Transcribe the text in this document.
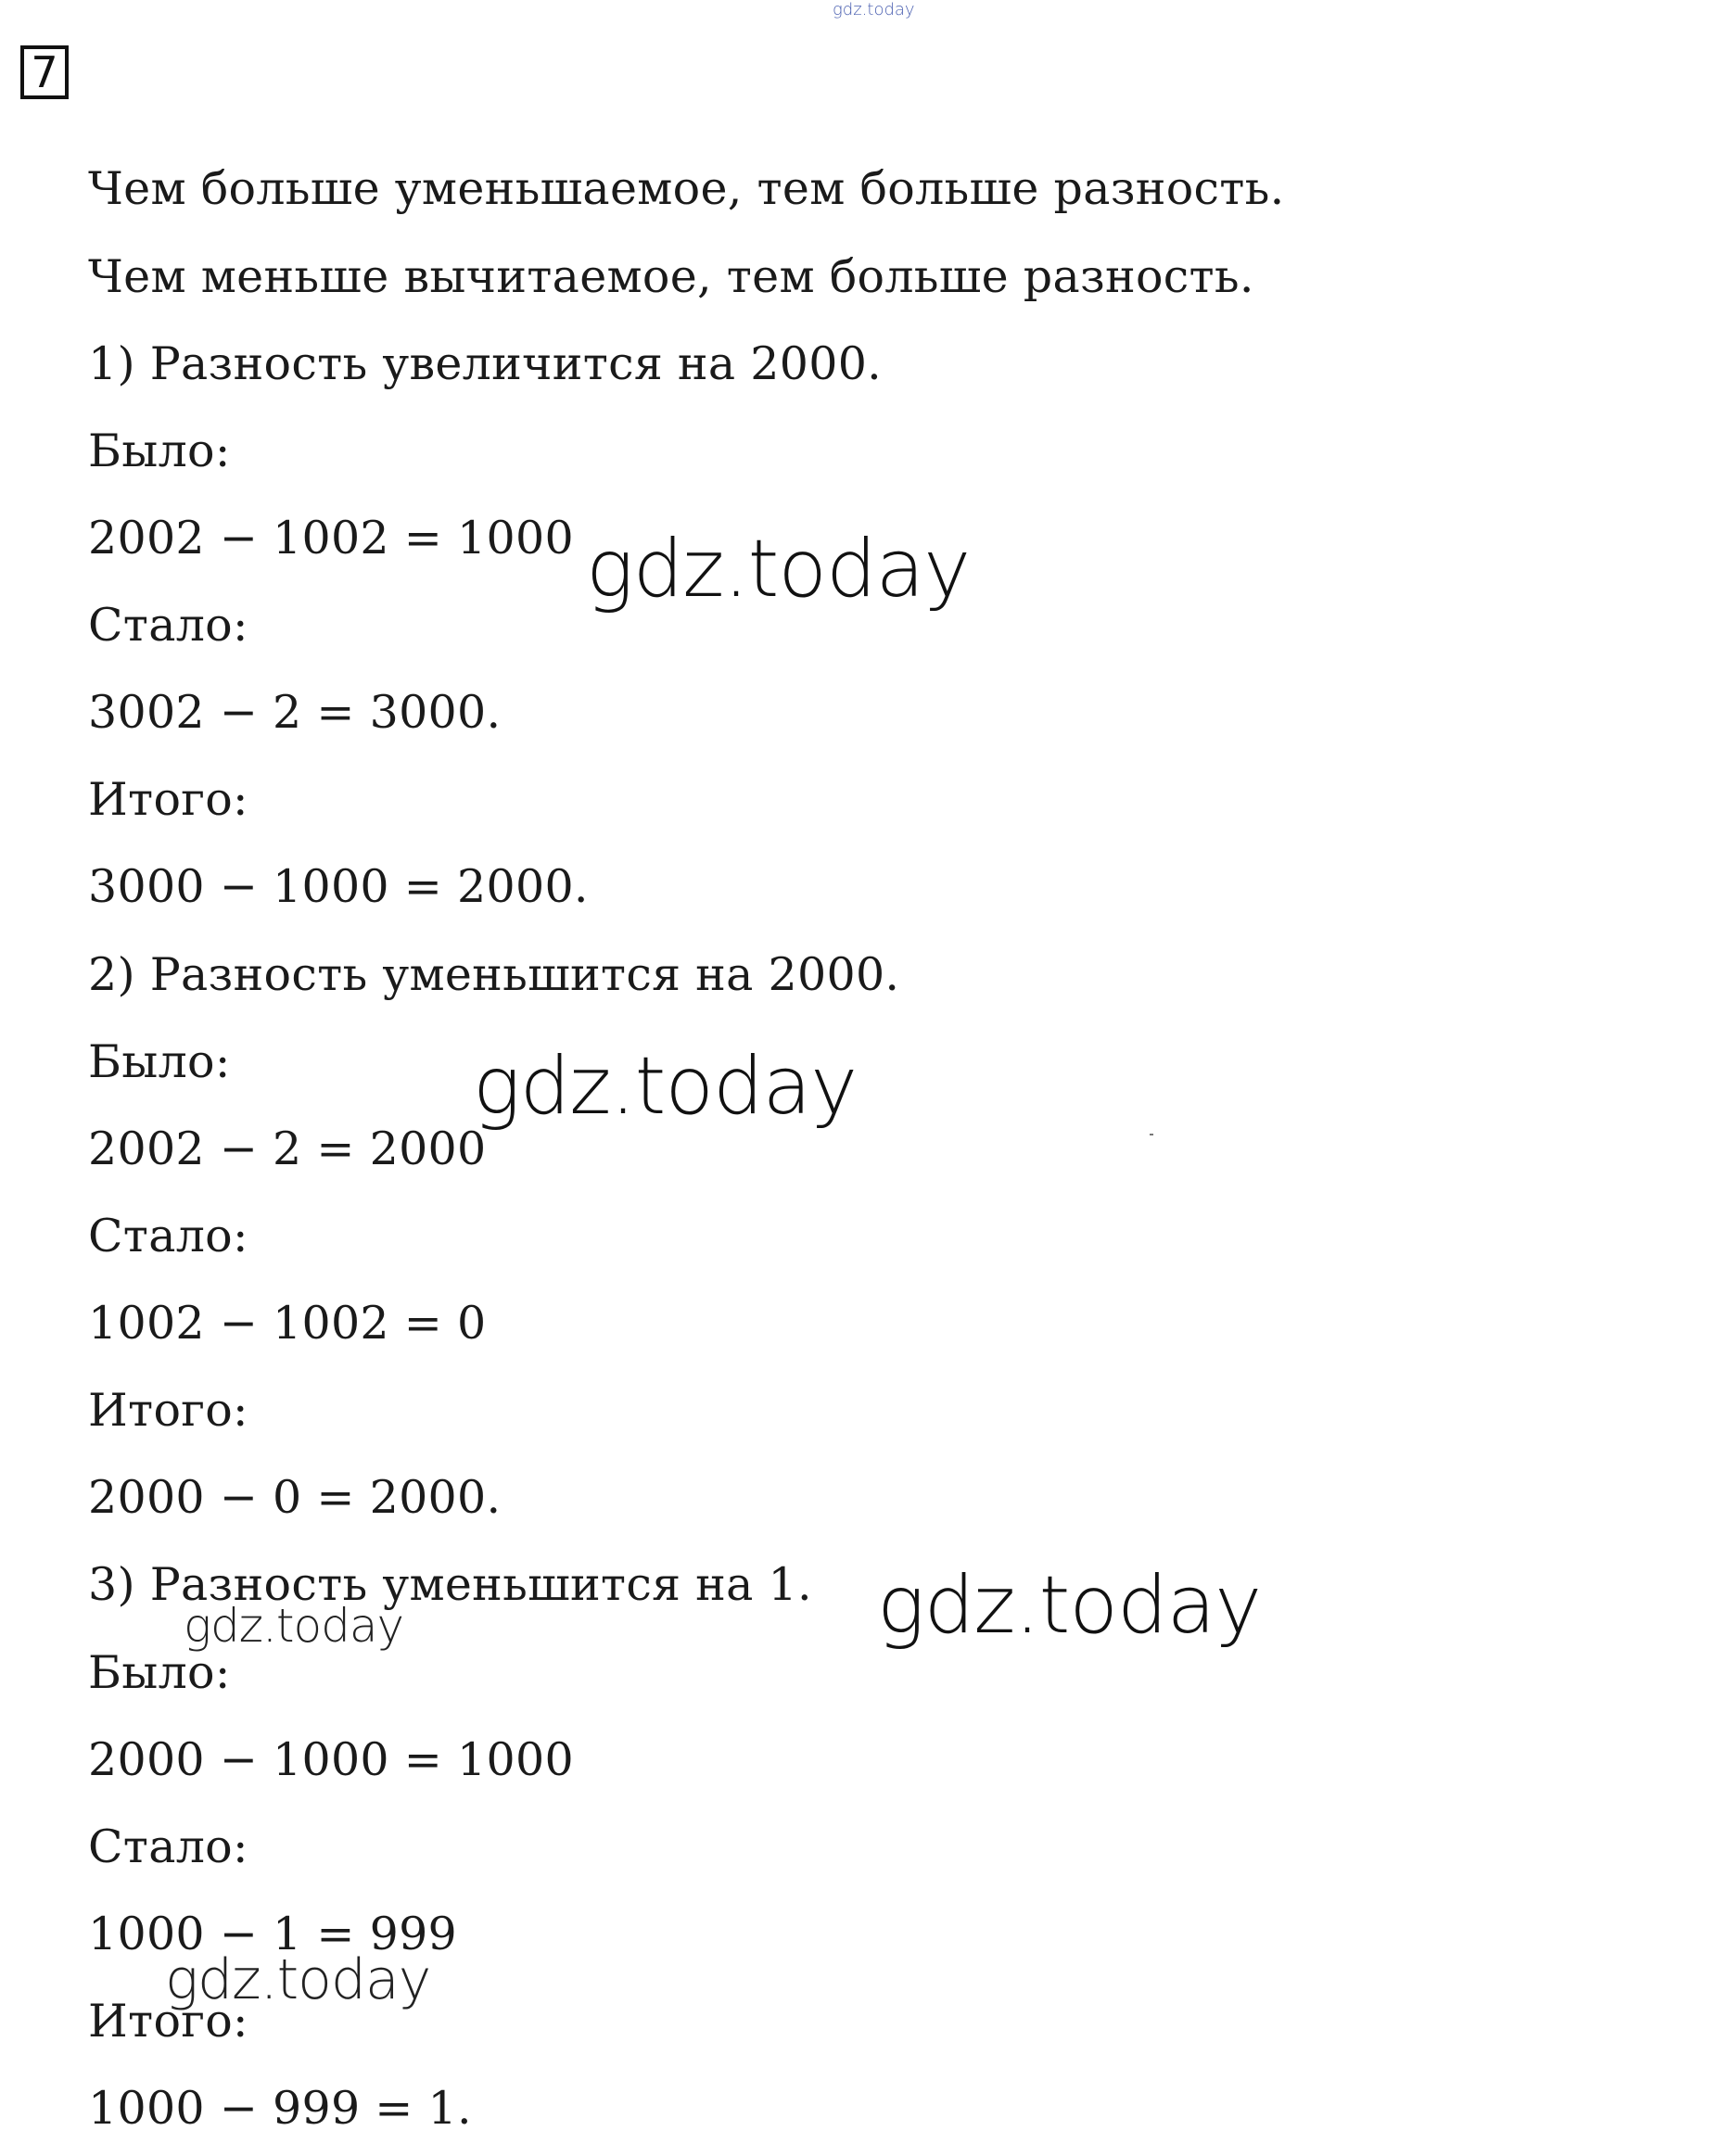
gdz.today
7
Чем больше уменьшаемое, тем больше разность.
Чем меньше вычитаемое, тем больше разность.
1) Разность увеличится на 2000.
Было:
2002 − 1002 = 1000
Стало:
3002 − 2 = 3000.
Итого:
3000 − 1000 = 2000.
2) Разность уменьшится на 2000.
Было:
2002 − 2 = 2000
Стало:
1002 − 1002 = 0
Итого:
2000 − 0 = 2000.
3) Разность уменьшится на 1.
Было:
2000 − 1000 = 1000
Стало:
1000 − 1 = 999
Итого:
1000 − 999 = 1.
gdz.today
gdz.today
gdz.today
gdz.today
gdz.today
